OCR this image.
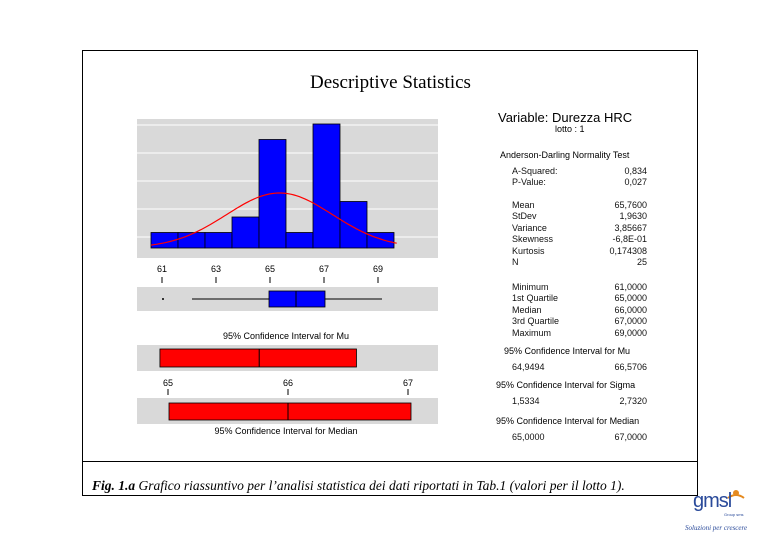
Descriptive Statistics
61	63	65	67	69
95% Confidence Interval for Mu
65	66	67
95% Confidence Interval for Median
Variable: Durezza HRC
lotto : 1
Anderson-Darling Normality Test
A-Squared:	0,834
P-Value:	0,027
Mean	65,7600
StDev	1,9630
Variance	3,85667
Skewness	-6,8E-01
Kurtosis	0,174308
N	25
Minimum	61,0000
1st Quartile	65,0000
Median	66,0000
3rd Quartile	67,0000
Maximum	69,0000
95% Confidence Interval for Mu
64,9494	66,5706
95% Confidence Interval for Sigma
1,5334	2,7320
95% Confidence Interval for Median
65,0000	67,0000
Fig. 1.a Grafico riassuntivo per l’analisi statistica dei dati riportati in Tab.1 (valori per il lotto 1).
gmsl
Group sms
Soluzioni per crescere
